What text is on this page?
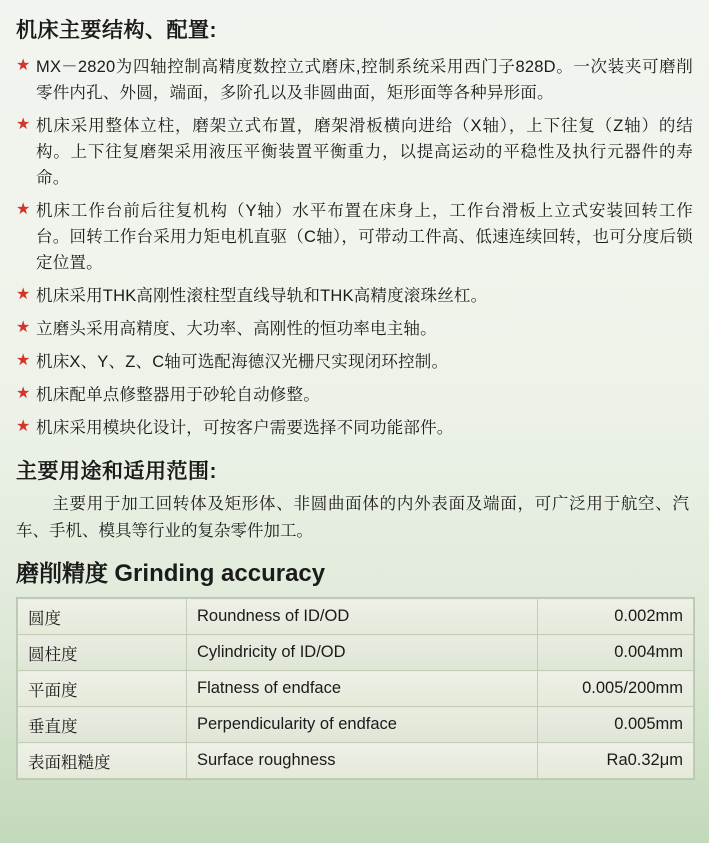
机床主要结构、配置:
★ MX－2820为四轴控制高精度数控立式磨床,控制系统采用西门子828D。一次装夹可磨削零件内孔、外圆，端面，多阶孔以及非圆曲面，矩形面等各种异形面。
★ 机床采用整体立柱，磨架立式布置，磨架滑板横向进给（X轴），上下往复（Z轴）的结构。上下往复磨架采用液压平衡装置平衡重力，以提高运动的平稳性及执行元器件的寿命。
★ 机床工作台前后往复机构（Y轴）水平布置在床身上，工作台滑板上立式安装回转工作台。回转工作台采用力矩电机直驱（C轴），可带动工件高、低速连续回转，也可分度后锁定位置。
★ 机床采用THK高刚性滚柱型直线导轨和THK高精度滚珠丝杠。
★ 立磨头采用高精度、大功率、高刚性的恒功率电主轴。
★ 机床X、Y、Z、C轴可选配海德汉光栅尺实现闭环控制。
★ 机床配单点修整器用于砂轮自动修整。
★ 机床采用模块化设计，可按客户需要选择不同功能部件。
主要用途和适用范围:

主要用于加工回转体及矩形体、非圆曲面体的内外表面及端面，可广泛用于航空、汽车、手机、模具等行业的复杂零件加工。

磨削精度 Grinding accuracy
圆度	Roundness of ID/OD	0.002mm
圆柱度	Cylindricity of ID/OD	0.004mm
平面度	Flatness of endface	0.005/200mm
垂直度	Perpendicularity of endface	0.005mm
表面粗糙度	Surface roughness	Ra0.32μm
